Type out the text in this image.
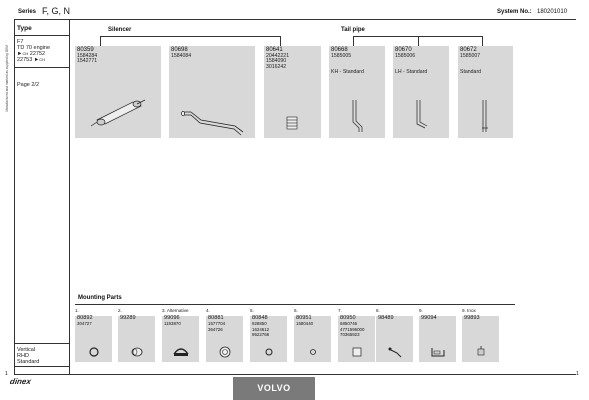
Series F, G, N	System No.: 180201010
Type
F7
TD 70 engine
►CH 22752
22753 ►CH
Page 2/2
Manufactured and marked as supplied by OEM
Vertical
RHD
Standard
Silencer	Tail pipe
80359
1584284
1542771
80698
1584084
80641
20442221
1584090
3016242
80668
1585005
KH - Standard
80670
1585006
LH - Standard
80672
1585007
Standard
Mounting Parts
1.
80892
304727
2.
99289
3. Alternative
99096
1193870
4.
80881
1577704
364726
5.
80848
928850
1624612
9522768
6.
80951
1580440
7.
80950
6850746
4771596000
70365923
8.
98489
9.
99094
9. Inox
99893
dinex
VOLVO
1
1
